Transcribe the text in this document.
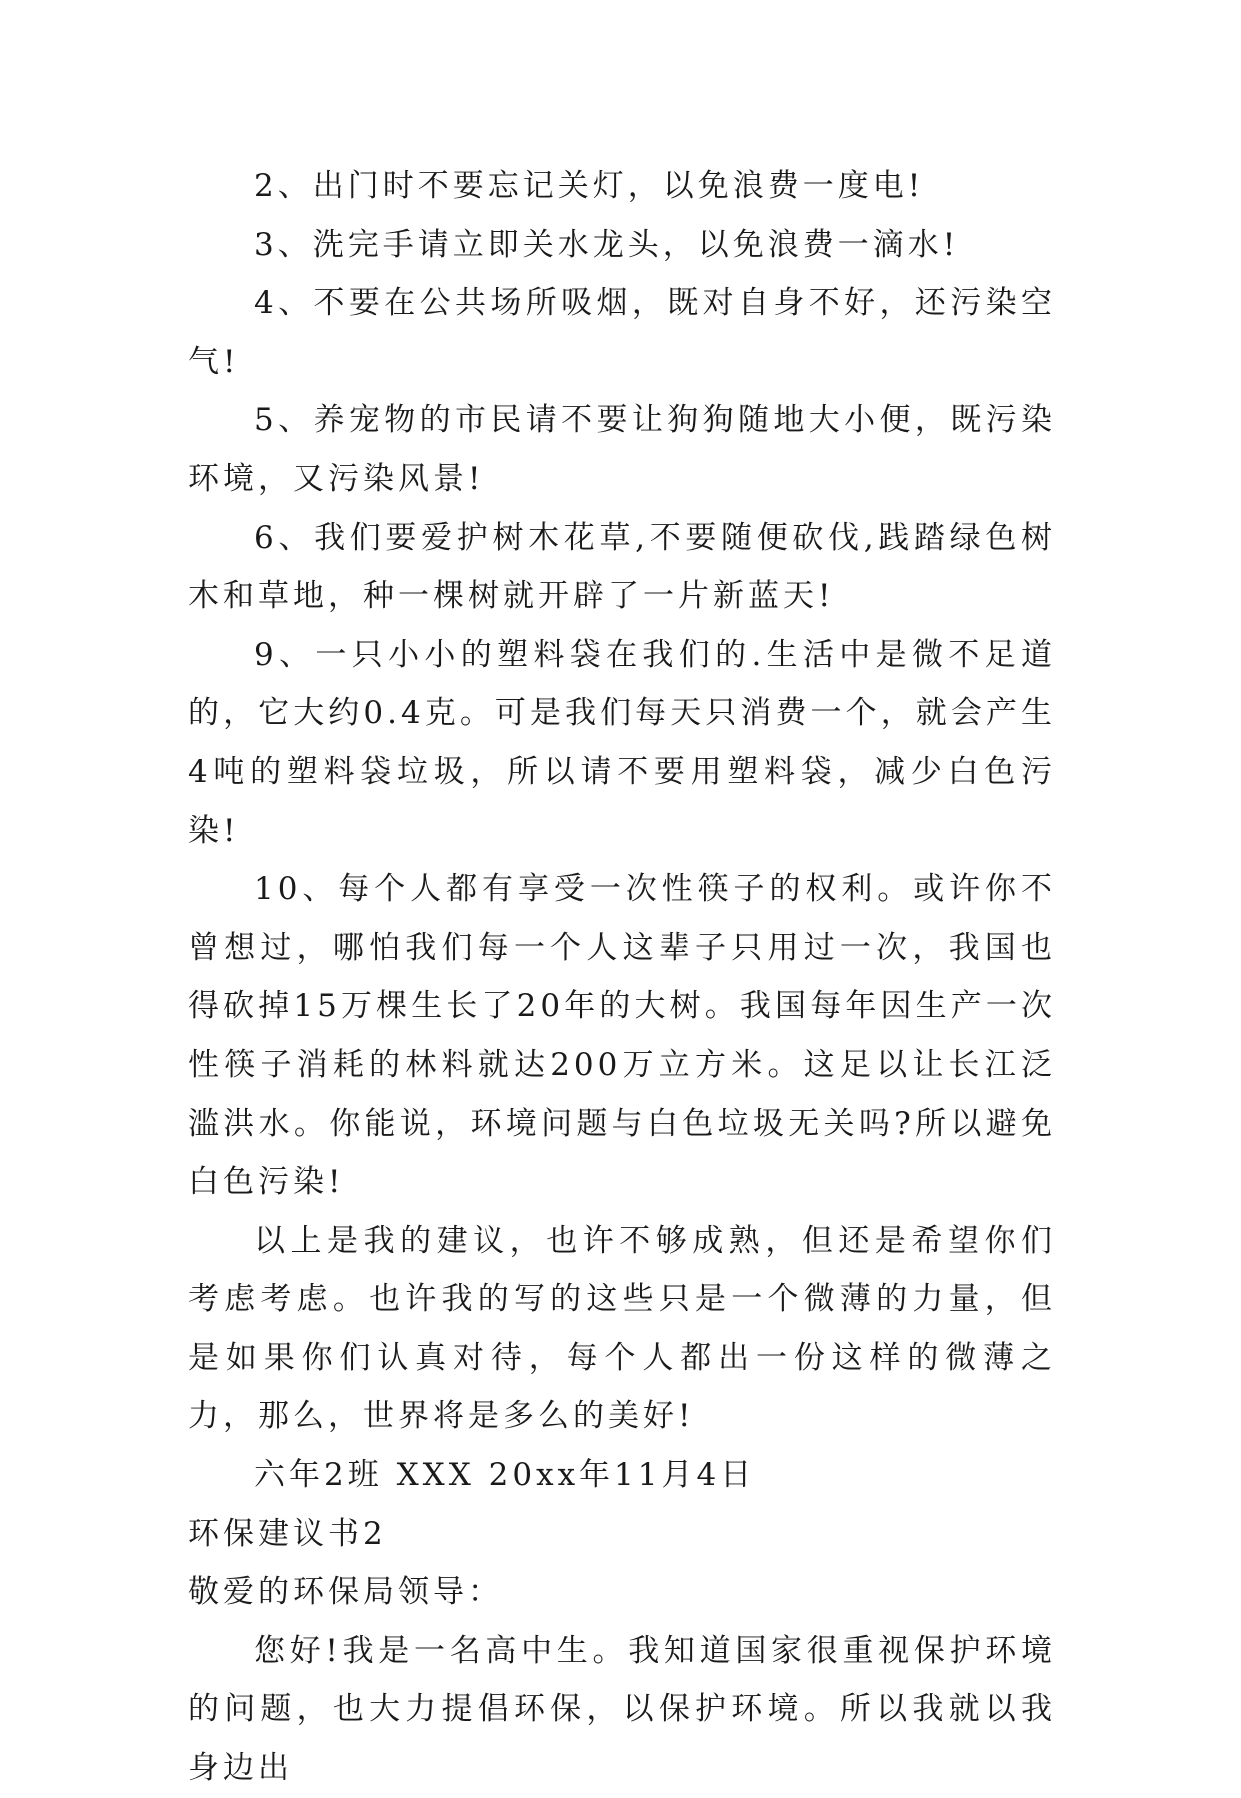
2、出门时不要忘记关灯，以免浪费一度电!

3、洗完手请立即关水龙头，以免浪费一滴水!

4、不要在公共场所吸烟，既对自身不好，还污染空气!

5、养宠物的市民请不要让狗狗随地大小便，既污染环境，又污染风景!

6、我们要爱护树木花草,不要随便砍伐,践踏绿色树木和草地，种一棵树就开辟了一片新蓝天!

9、一只小小的塑料袋在我们的.生活中是微不足道的，它大约0.4克。可是我们每天只消费一个，就会产生4吨的塑料袋垃圾，所以请不要用塑料袋，减少白色污染!

10、每个人都有享受一次性筷子的权利。或许你不曾想过，哪怕我们每一个人这辈子只用过一次，我国也得砍掉15万棵生长了20年的大树。我国每年因生产一次性筷子消耗的林料就达200万立方米。这足以让长江泛滥洪水。你能说，环境问题与白色垃圾无关吗?所以避免白色污染!

以上是我的建议，也许不够成熟，但还是希望你们考虑考虑。也许我的写的这些只是一个微薄的力量，但是如果你们认真对待，每个人都出一份这样的微薄之力，那么，世界将是多么的美好!

六年2班 XXX 20xx年11月4日

环保建议书2

敬爱的环保局领导：

您好!我是一名高中生。我知道国家很重视保护环境的问题，也大力提倡环保，以保护环境。所以我就以我身边出
